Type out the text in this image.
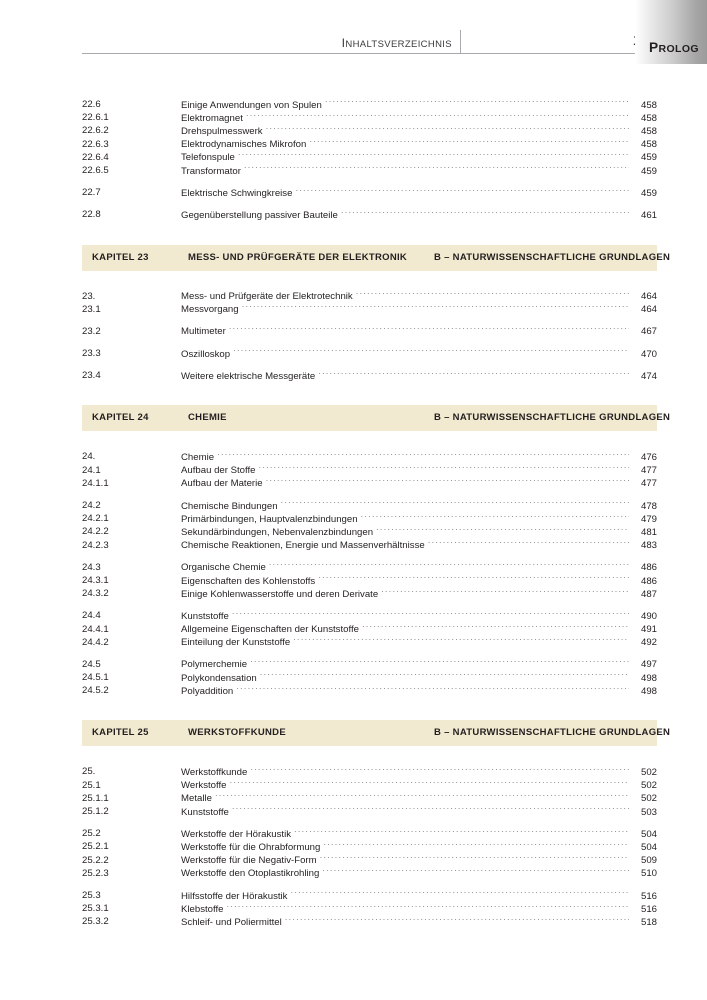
INHALTSVERZEICHNIS	PROLOG
22.6	Einige Anwendungen von Spulen .....	458
22.6.1	Elektromagnet .....	458
22.6.2	Drehspulmesswerk .....	458
22.6.3	Elektrodynamisches Mikrofon .....	458
22.6.4	Telefonspule .....	459
22.6.5	Transformator .....	459
22.7	Elektrische Schwingkreise .....	459
22.8	Gegenüberstellung passiver Bauteile .....	461
KAPITEL 23	MESS- UND PRÜFGERÄTE DER ELEKTRONIK	B – NATURWISSENSCHAFTLICHE GRUNDLAGEN
23.	Mess- und Prüfgeräte der Elektrotechnik .....	464
23.1	Messvorgang .....	464
23.2	Multimeter .....	467
23.3	Oszilloskop .....	470
23.4	Weitere elektrische Messgeräte .....	474
KAPITEL 24	CHEMIE	B – NATURWISSENSCHAFTLICHE GRUNDLAGEN
24.	Chemie .....	476
24.1	Aufbau der Stoffe .....	477
24.1.1	Aufbau der Materie .....	477
24.2	Chemische Bindungen .....	478
24.2.1	Primärbindungen, Hauptvalenzbindungen .....	479
24.2.2	Sekundärbindungen, Nebenvalenzbindungen .....	481
24.2.3	Chemische Reaktionen, Energie und Massenverhältnisse .....	483
24.3	Organische Chemie .....	486
24.3.1	Eigenschaften des Kohlenstoffs .....	486
24.3.2	Einige Kohlenwasserstoffe und deren Derivate .....	487
24.4	Kunststoffe .....	490
24.4.1	Allgemeine Eigenschaften der Kunststoffe .....	491
24.4.2	Einteilung der Kunststoffe .....	492
24.5	Polymerchemie .....	497
24.5.1	Polykondensation .....	498
24.5.2	Polyaddition .....	498
KAPITEL 25	WERKSTOFFKUNDE	B – NATURWISSENSCHAFTLICHE GRUNDLAGEN
25.	Werkstoffkunde .....	502
25.1	Werkstoffe .....	502
25.1.1	Metalle .....	502
25.1.2	Kunststoffe .....	503
25.2	Werkstoffe der Hörakustik .....	504
25.2.1	Werkstoffe für die Ohrabformung .....	504
25.2.2	Werkstoffe für die Negativ-Form .....	509
25.2.3	Werkstoffe den Otoplastikrohling .....	510
25.3	Hilfsstoffe der Hörakustik .....	516
25.3.1	Klebstoffe .....	516
25.3.2	Schleif- und Poliermittel .....	518
